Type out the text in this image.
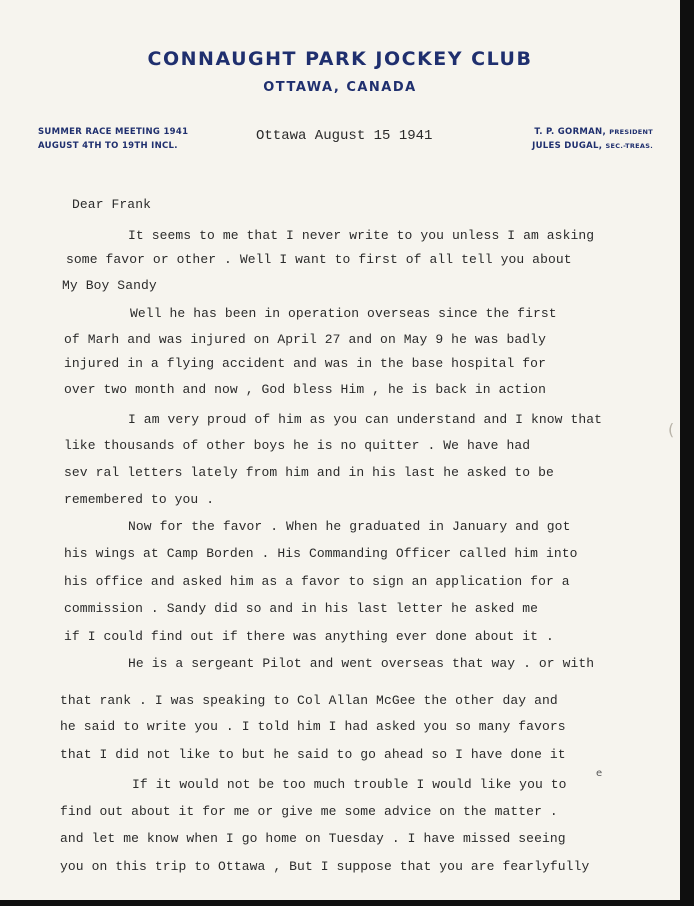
CONNAUGHT PARK JOCKEY CLUB
OTTAWA, CANADA
SUMMER RACE MEETING 1941
AUGUST 4TH TO 19TH INCL.
Ottawa August 15 1941	T. P. GORMAN, PRESIDENT
JULES DUGAL, SEC.-TREAS.
Dear Frank
It seems to me that I never write to you unless I am asking
some favor or other . Well I want to first of all tell you about
My Boy Sandy
Well he has been in operation overseas since the first
of Marh and was injured on April 27 and on May 9 he was badly
injured in a flying accident and was in the base hospital for
over two month and now , God bless Him , he is back in action
I am very proud of him as you can understand and I know that
like thousands of other boys he is no quitter . We have had
sev ral letters lately from him and in his last he asked to be
remembered to you .
Now for the favor . When he graduated in January and got
his wings at Camp Borden . His Commanding Officer called him into
his office and asked him as a favor to sign an application for a
commission . Sandy did so and in his last letter he asked me
if I could find out if there was anything ever done about it .
He is a sergeant Pilot and went overseas that way . or with
that rank . I was speaking to Col Allan McGee the other day and
he said to write you . I told him I had asked you so many favors
that I did not like to but he said to go ahead so I have done it
If it would not be too much trouble I would like you to
find out about it for me or give me some advice on the matter .
and let me know when I go home on Tuesday . I have missed seeing
you on this trip to Ottawa , But I suppose that you are fearlyfully
e
(
